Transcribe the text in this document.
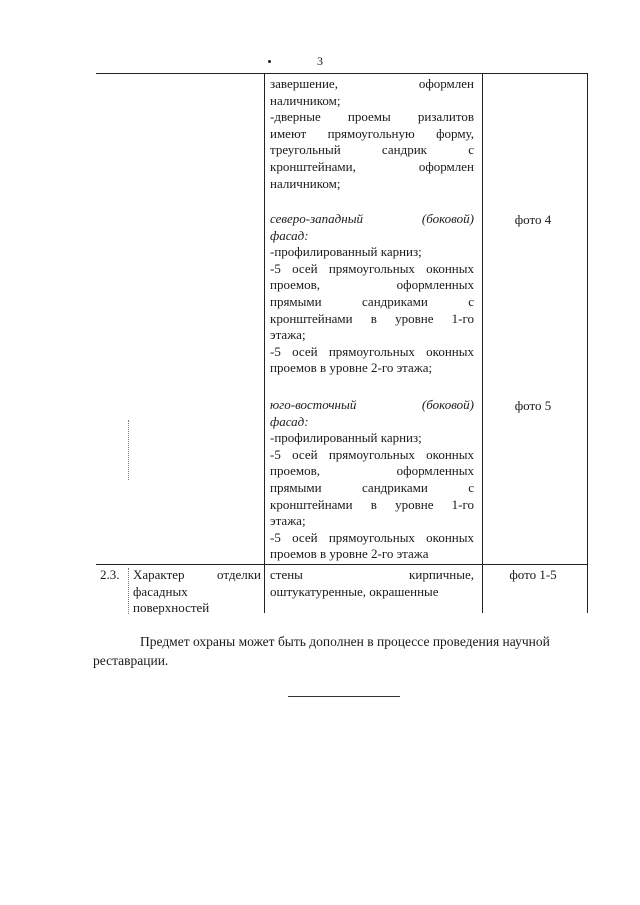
3
завершение, оформлен
наличником;
-дверные проемы ризалитов
имеют прямоугольную форму,
треугольный сандрик с
кронштейнами, оформлен
наличником;
северо-западный (боковой)
фасад:
-профилированный карниз;
-5 осей прямоугольных оконных
проемов, оформленных
прямыми сандриками с
кронштейнами в уровне 1-го
этажа;
-5 осей прямоугольных оконных
проемов в уровне 2-го этажа;
фото 4
юго-восточный (боковой)
фасад:
-профилированный карниз;
-5 осей прямоугольных оконных
проемов, оформленных
прямыми сандриками с
кронштейнами в уровне 1-го
этажа;
-5 осей прямоугольных оконных
проемов в уровне 2-го этажа
фото 5
2.3. Характер отделки
фасадных
поверхностей
стены кирпичные,
оштукатуренные, окрашенные
фото 1-5
Предмет охраны может быть дополнен в процессе проведения научной
реставрации.
